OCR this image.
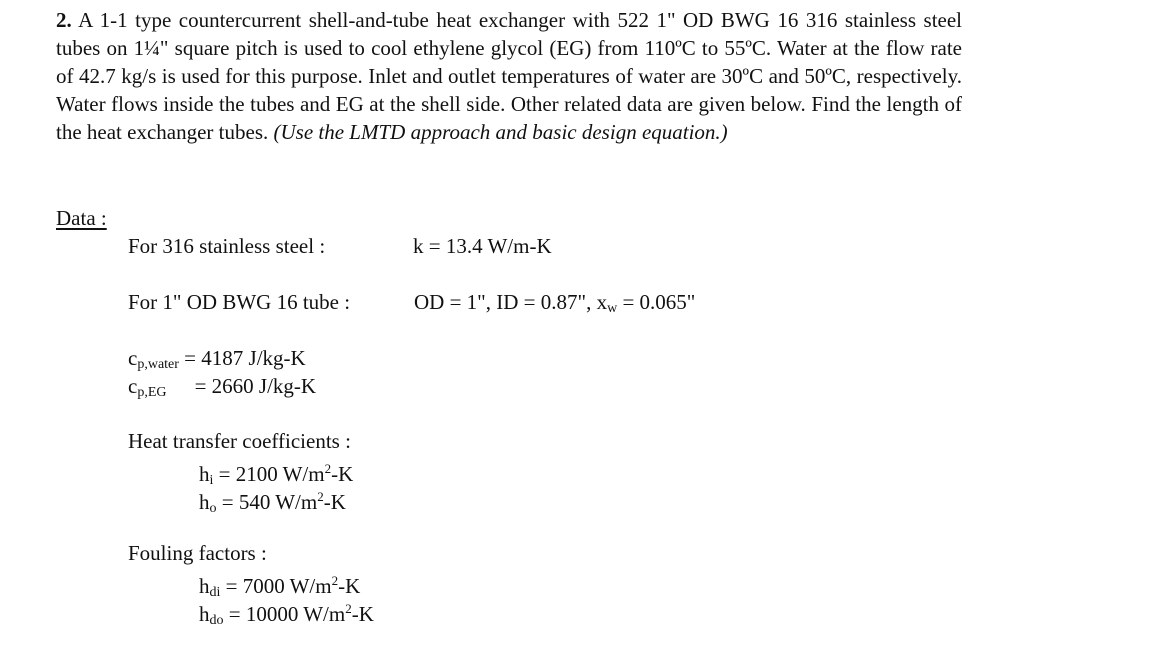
2. A 1-1 type countercurrent shell-and-tube heat exchanger with 522 1" OD BWG 16 316 stainless steel tubes on 1¼" square pitch is used to cool ethylene glycol (EG) from 110ºC to 55ºC. Water at the flow rate of 42.7 kg/s is used for this purpose. Inlet and outlet temperatures of water are 30ºC and 50ºC, respectively. Water flows inside the tubes and EG at the shell side. Other related data are given below. Find the length of the heat exchanger tubes. (Use the LMTD approach and basic design equation.)
Data :
For 316 stainless steel :	k = 13.4 W/m-K
For 1" OD BWG 16 tube :	OD = 1", ID = 0.87", $x_w = 0.065$"
$c_{p,water} = 4187$ J/kg-K
cp,EG = 2660 J/kg-K
Heat transfer coefficients :
$h_i = 2100$ $W/m^2-K$
$h_o = 540$ $W/m^2-K$
Fouling factors :
$h_{di} = 7000$ $W/m^2-K$
$h_{do} = 10000$ $W/m^2-K$
